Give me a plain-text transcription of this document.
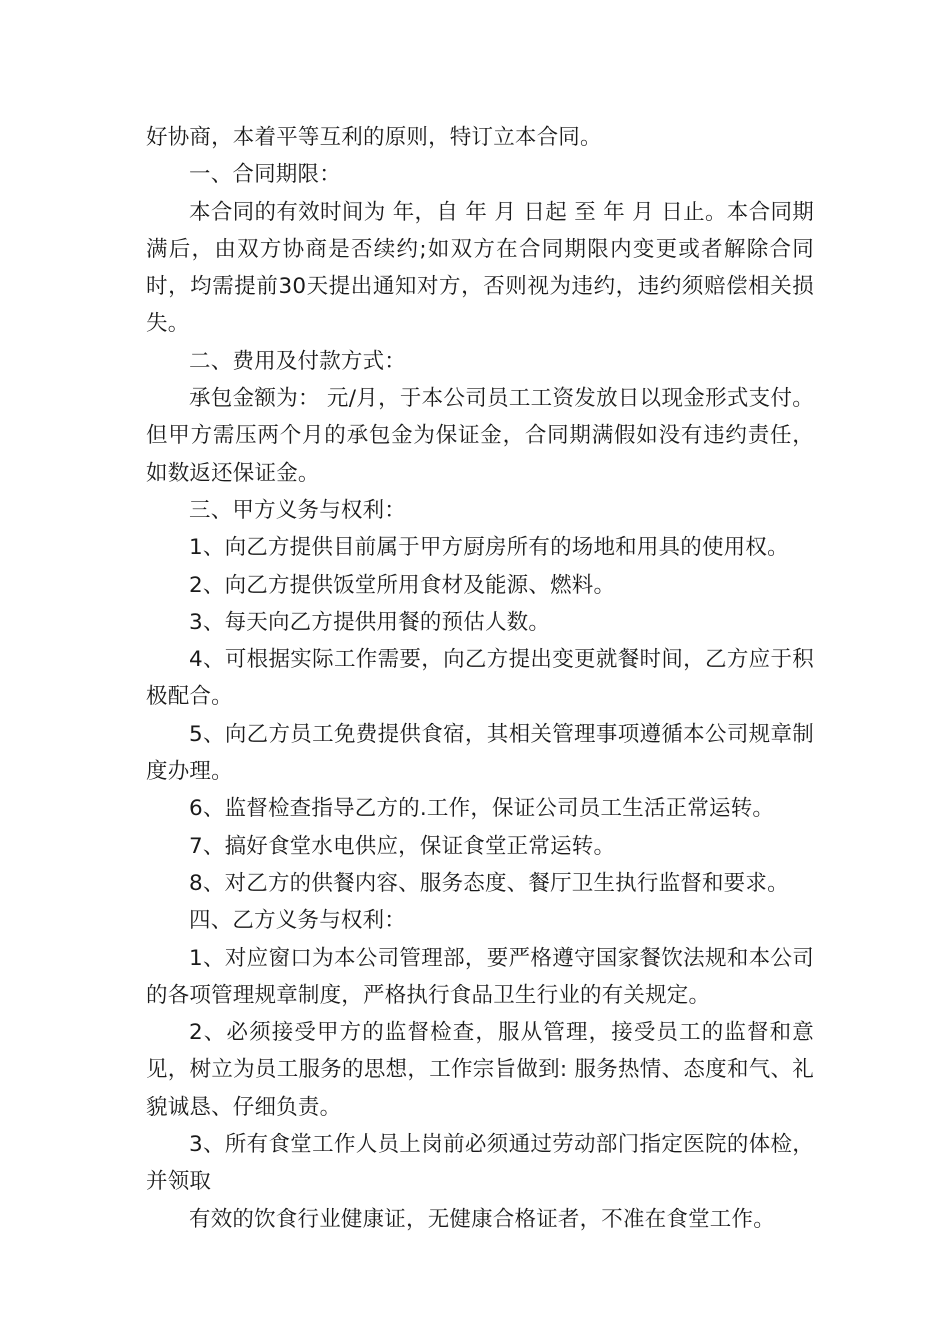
好协商，本着平等互利的原则，特订立本合同。

一、合同期限：

本合同的有效时间为 年，自 年 月 日起 至 年 月 日止。本合同期满后，由双方协商是否续约;如双方在合同期限内变更或者解除合同时，均需提前30天提出通知对方，否则视为违约，违约须赔偿相关损失。

二、费用及付款方式：

承包金额为： 元/月，于本公司员工工资发放日以现金形式支付。但甲方需压两个月的承包金为保证金，合同期满假如没有违约责任，如数返还保证金。

三、甲方义务与权利：

1、向乙方提供目前属于甲方厨房所有的场地和用具的使用权。

2、向乙方提供饭堂所用食材及能源、燃料。

3、每天向乙方提供用餐的预估人数。

4、可根据实际工作需要，向乙方提出变更就餐时间，乙方应于积极配合。

5、向乙方员工免费提供食宿，其相关管理事项遵循本公司规章制度办理。

6、监督检查指导乙方的.工作，保证公司员工生活正常运转。

7、搞好食堂水电供应，保证食堂正常运转。

8、对乙方的供餐内容、服务态度、餐厅卫生执行监督和要求。

四、乙方义务与权利：

1、对应窗口为本公司管理部，要严格遵守国家餐饮法规和本公司的各项管理规章制度，严格执行食品卫生行业的有关规定。

2、必须接受甲方的监督检查，服从管理，接受员工的监督和意见，树立为员工服务的思想，工作宗旨做到: 服务热情、态度和气、礼貌诚恳、仔细负责。

3、所有食堂工作人员上岗前必须通过劳动部门指定医院的体检，并领取

有效的饮食行业健康证，无健康合格证者，不准在食堂工作。
